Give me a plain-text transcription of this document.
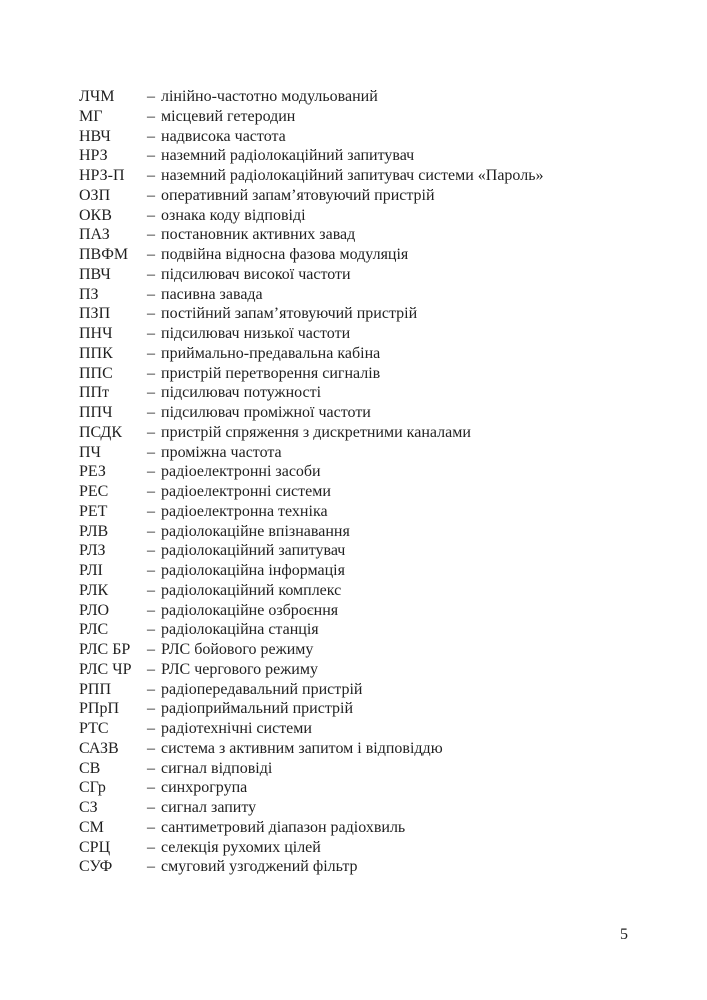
ЛЧМ	– лінійно-частотно модульований
МГ	– місцевий гетеродин
НВЧ	– надвисока частота
НРЗ	– наземний радіолокаційний запитувач
НРЗ-П	– наземний радіолокаційний запитувач системи «Пароль»
ОЗП	– оперативний запам’ятовуючий пристрій
ОКВ	– ознака коду відповіді
ПАЗ	– постановник активних завад
ПВФМ	– подвійна відносна фазова модуляція
ПВЧ	– підсилювач високої частоти
ПЗ	– пасивна завада
ПЗП	– постійний запам’ятовуючий пристрій
ПНЧ	– підсилювач низької частоти
ППК	– приймально-предавальна кабіна
ППС	– пристрій перетворення сигналів
ППт	– підсилювач потужності
ППЧ	– підсилювач проміжної частоти
ПСДК	– пристрій спряження з дискретними каналами
ПЧ	– проміжна частота
РЕЗ	– радіоелектронні засоби
РЕС	– радіоелектронні системи
РЕТ	– радіоелектронна техніка
РЛВ	– радіолокаційне впізнавання
РЛЗ	– радіолокаційний запитувач
РЛІ	– радіолокаційна інформація
РЛК	– радіолокаційний комплекс
РЛО	– радіолокаційне озброєння
РЛС	– радіолокаційна станція
РЛС БР	– РЛС бойового режиму
РЛС ЧР – РЛС чергового режиму
РПП	– радіопередавальний пристрій
РПрП	– радіоприймальний пристрій
РТС	– радіотехнічні системи
САЗВ	– система з активним запитом і відповіддю
СВ	– сигнал відповіді
СГр	– синхрогрупа
СЗ	– сигнал запиту
СМ	– сантиметровий діапазон радіохвиль
СРЦ	– селекція рухомих цілей
СУФ	– смуговий узгоджений фільтр
5
